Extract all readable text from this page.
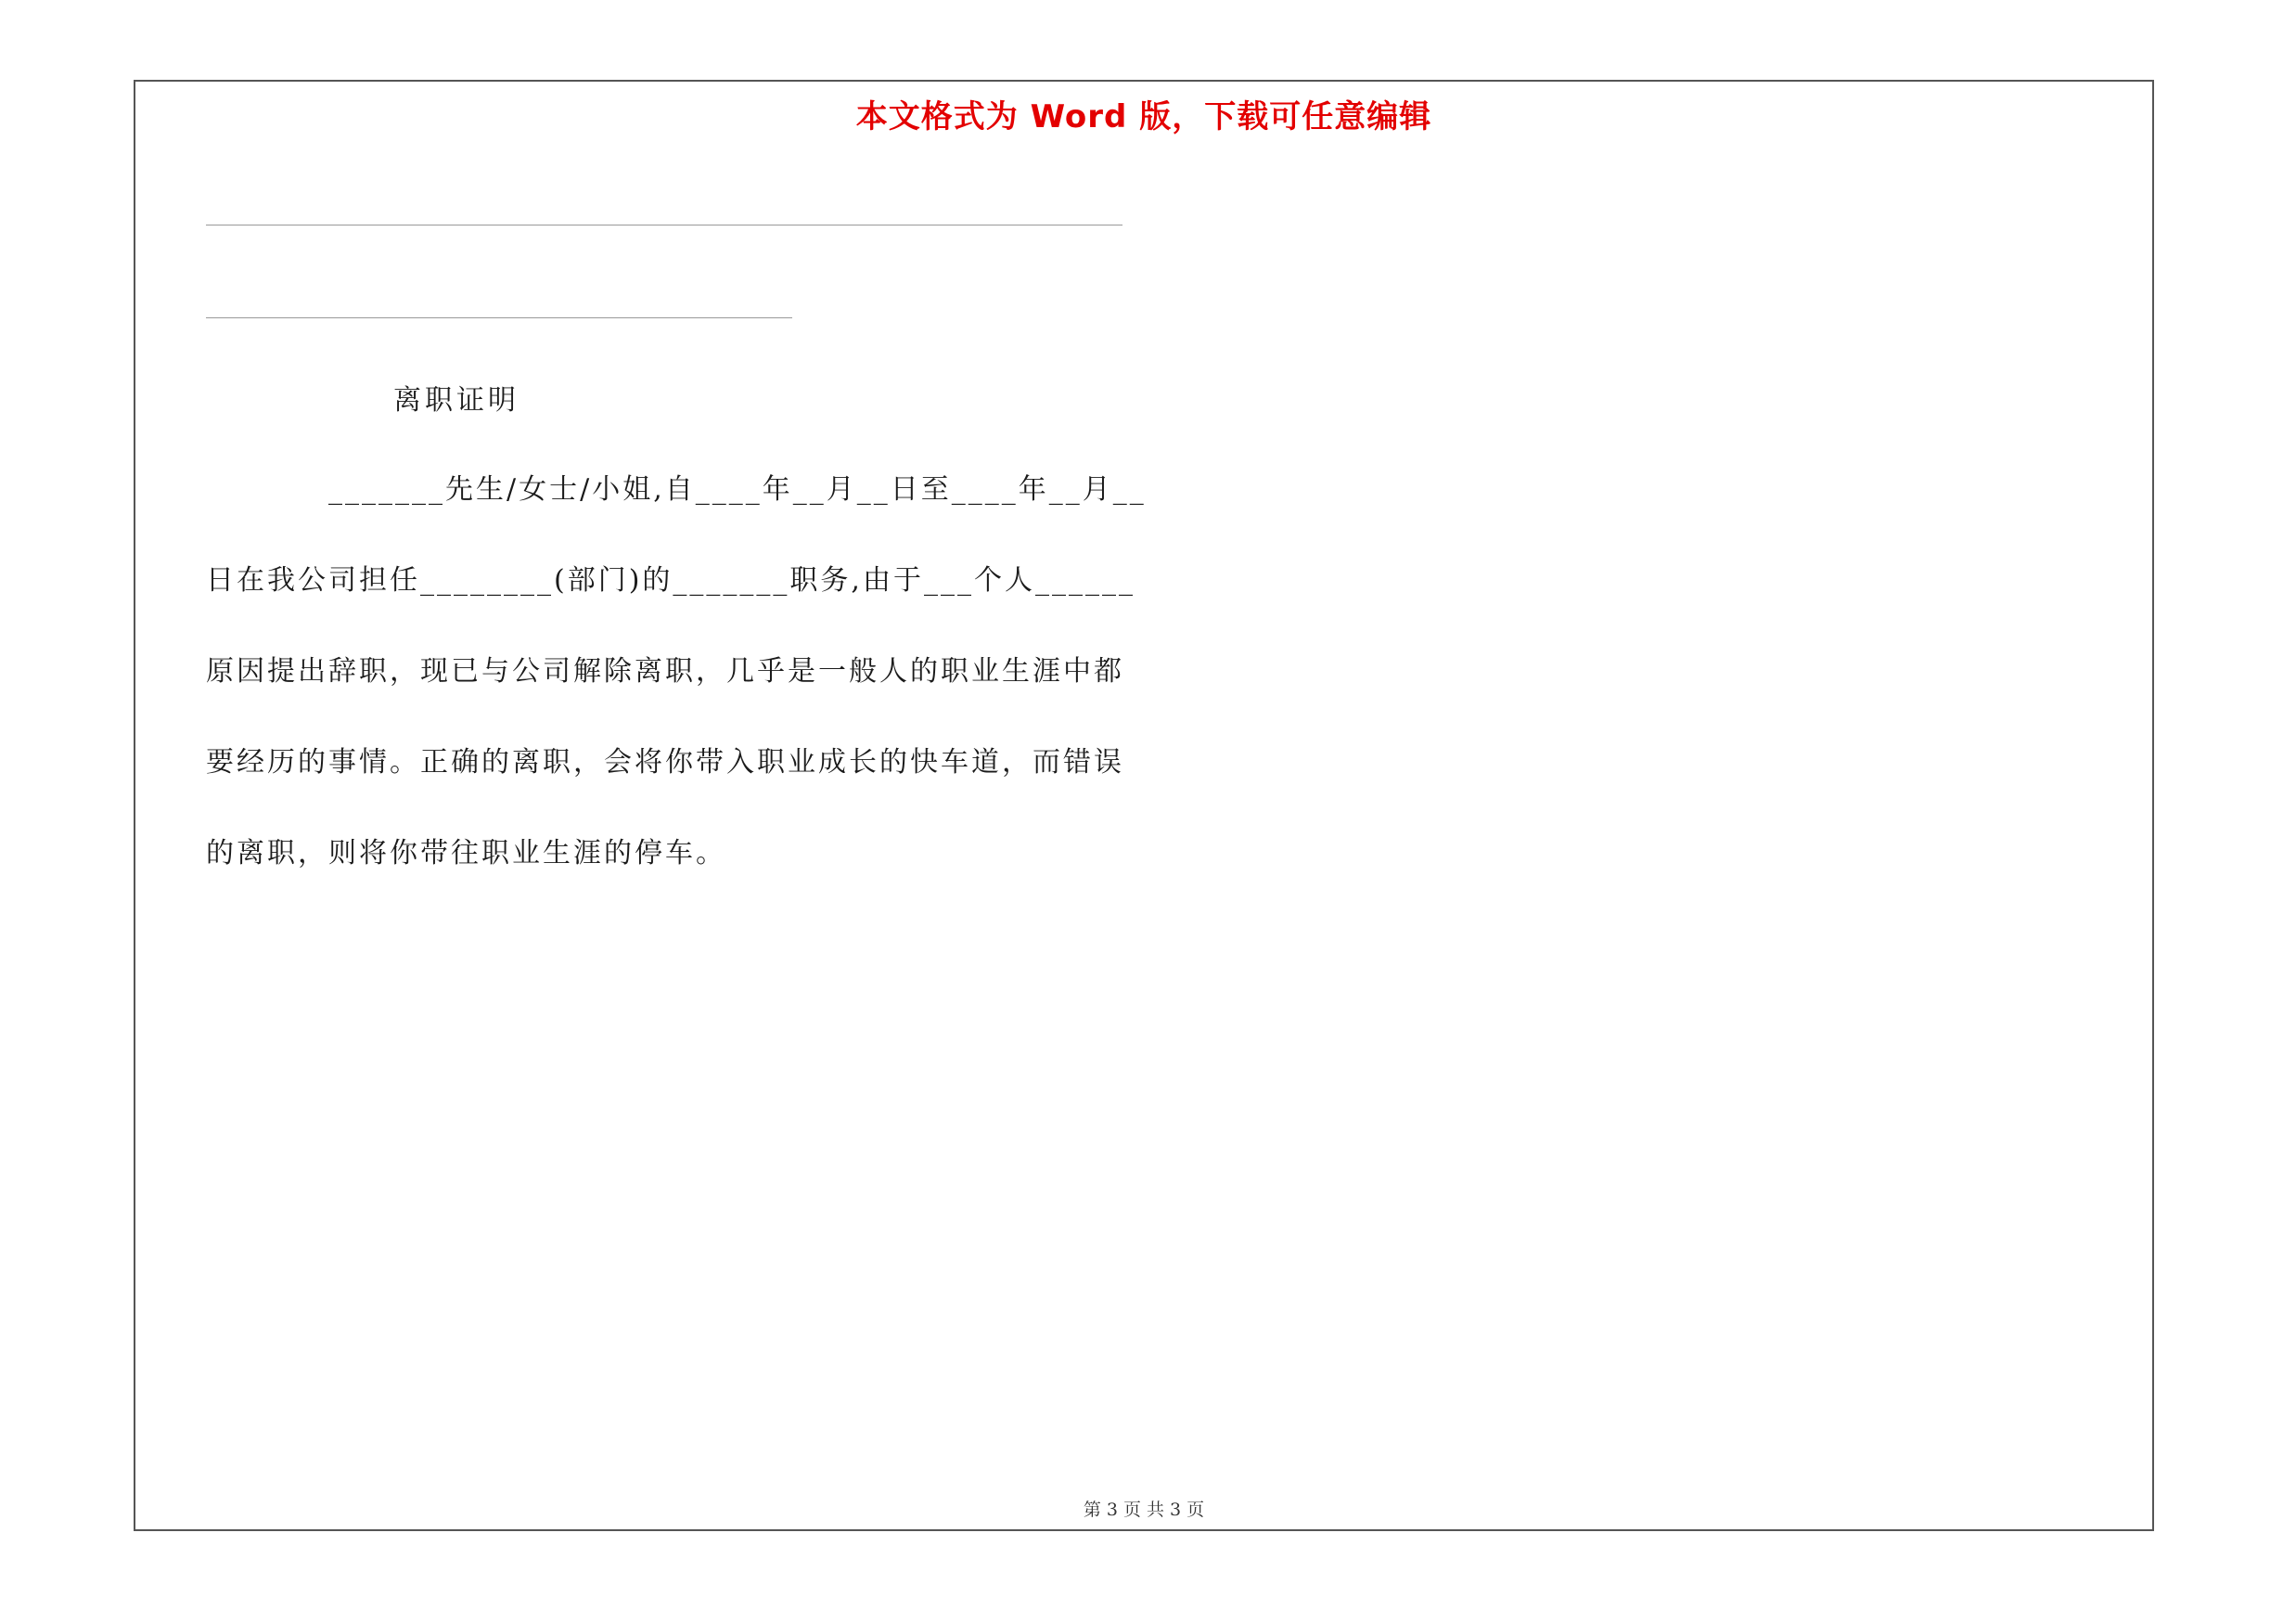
本文格式为 Word 版，下载可任意编辑
离职证明
_______先生/女士/小姐,自____年__月__日至____年__月__
日在我公司担任________(部门)的_______职务,由于___个人______
原因提出辞职，现已与公司解除离职，几乎是一般人的职业生涯中都
要经历的事情。正确的离职，会将你带入职业成长的快车道，而错误
的离职，则将你带往职业生涯的停车。
第 3 页 共 3 页
